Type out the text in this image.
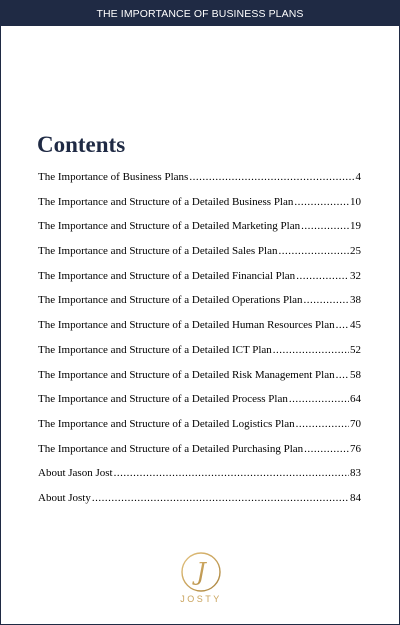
THE IMPORTANCE OF BUSINESS PLANS
Contents
The Importance of Business Plans .....	4
The Importance and Structure of a Detailed Business Plan .....	10
The Importance and Structure of a Detailed Marketing Plan .....	19
The Importance and Structure of a Detailed Sales Plan .....	25
The Importance and Structure of a Detailed Financial Plan .....	32
The Importance and Structure of a Detailed Operations Plan .....	38
The Importance and Structure of a Detailed Human Resources Plan ..... 45
The Importance and Structure of a Detailed ICT Plan .....	52
The Importance and Structure of a Detailed Risk Management Plan ..... 58
The Importance and Structure of a Detailed Process Plan .....	64
The Importance and Structure of a Detailed Logistics Plan .....	70
The Importance and Structure of a Detailed Purchasing Plan .....	76
About Jason Jost .....	83
About Josty .....	84
J
JOSTY
